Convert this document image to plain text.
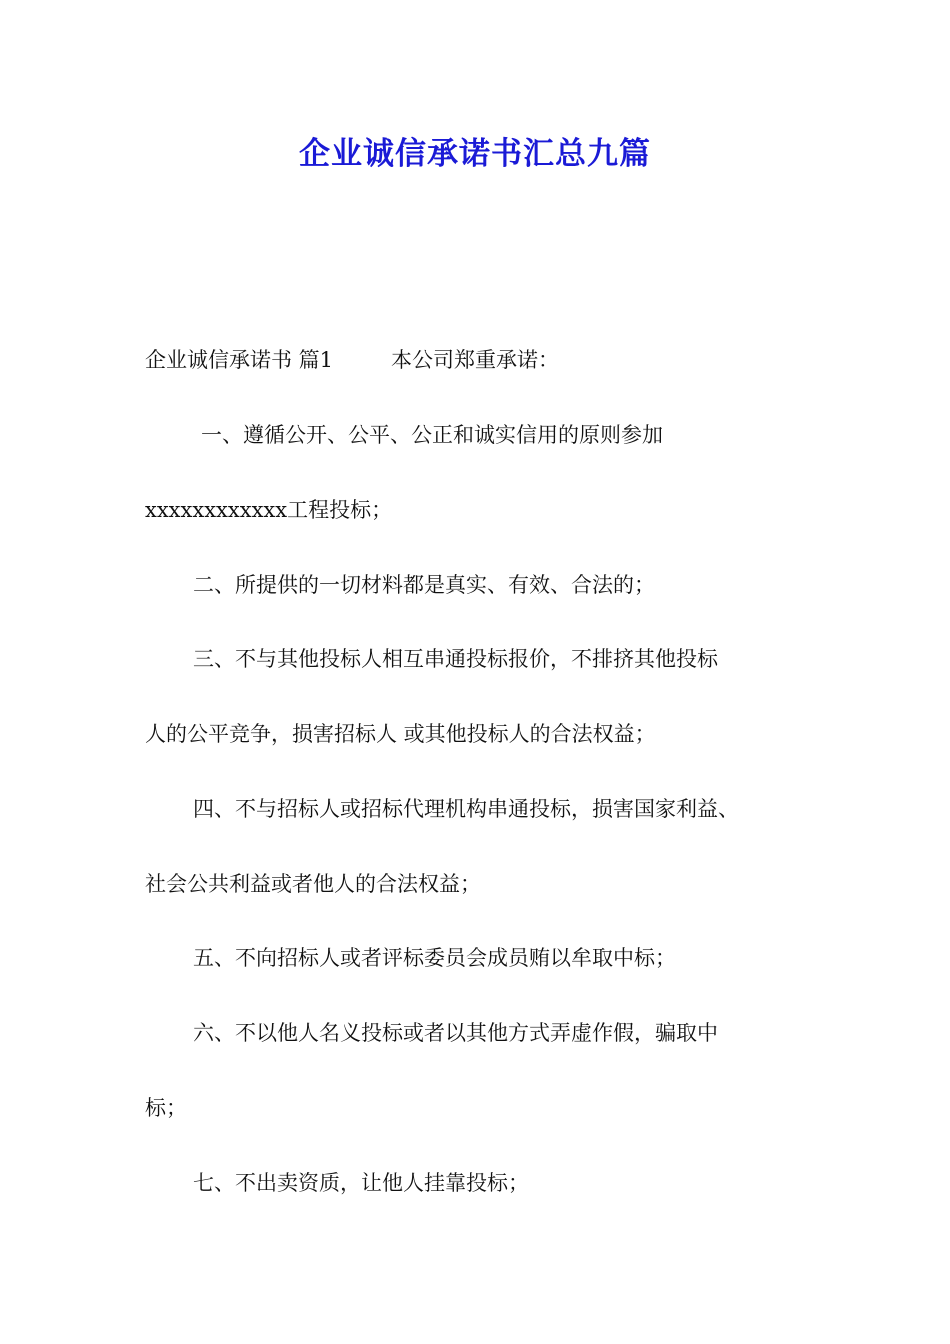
企业诚信承诺书汇总九篇
企业诚信承诺书 篇1	本公司郑重承诺：
一、遵循公开、公平、公正和诚实信用的原则参加
xxxxxxxxxxxx工程投标；
二、所提供的一切材料都是真实、有效、合法的；
三、不与其他投标人相互串通投标报价，不排挤其他投标
人的公平竞争，损害招标人 或其他投标人的合法权益；
四、不与招标人或招标代理机构串通投标，损害国家利益、
社会公共利益或者他人的合法权益；
五、不向招标人或者评标委员会成员贿以牟取中标；
六、不以他人名义投标或者以其他方式弄虚作假，骗取中
标；
七、不出卖资质，让他人挂靠投标；
